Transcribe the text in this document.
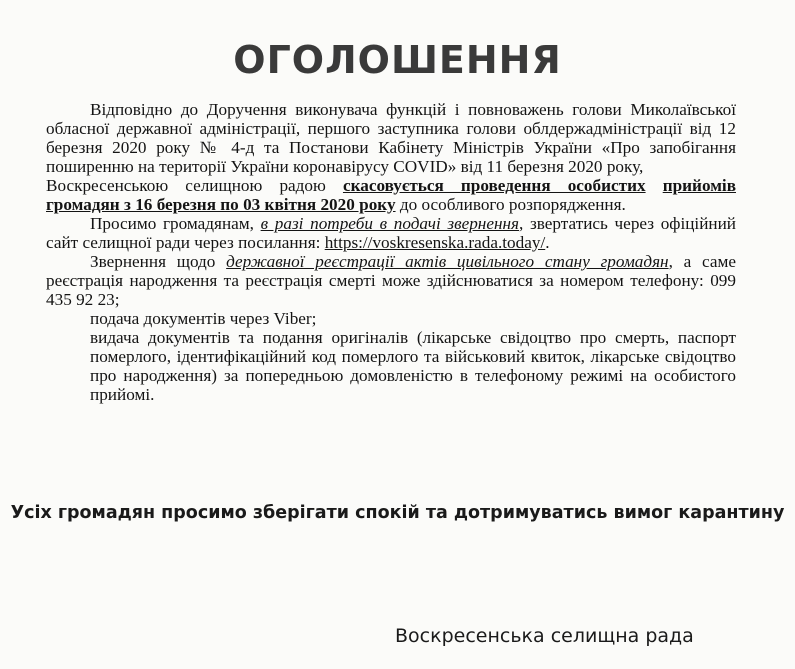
ОГОЛОШЕННЯ

Відповідно до Доручення виконувача функцій і повноважень голови Миколаївської обласної державної адміністрації, першого заступника голови облдержадміністрації від 12 березня 2020 року № 4-д та Постанови Кабінету Міністрів України «Про запобігання поширенню на території України коронавірусу COVID» від 11 березня 2020 року,

Воскресенською селищною радою скасовується проведення особистих прийомів громадян з 16 березня по 03 квітня 2020 року до особливого розпорядження.

Просимо громадянам, в разі потреби в подачі звернення, звертатись через офіційний сайт селищної ради через посилання: https://voskresenska.rada.today/.

Звернення щодо державної реєстрації актів цивільного стану громадян, а саме реєстрація народження та реєстрація смерті може здійснюватися за номером телефону: 099 435 92 23;

подача документів через Viber;

видача документів та подання оригіналів (лікарське свідоцтво про смерть, паспорт померлого, ідентифікаційний код померлого та військовий квиток, лікарське свідоцтво про народження) за попередньою домовленістю в телефоному режимі на особистого прийомі.

Усіх громадян просимо зберігати спокій та дотримуватись вимог карантину

Воскресенська селищна рада
